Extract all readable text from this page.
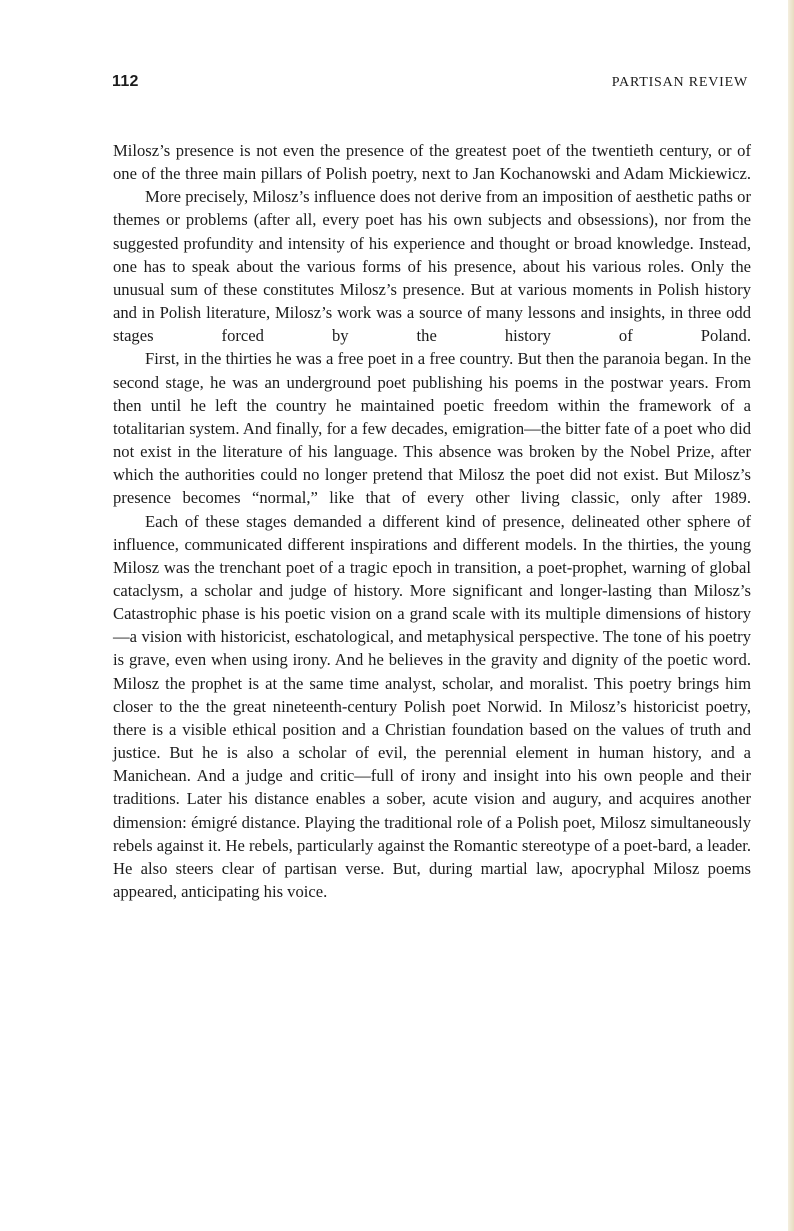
112	PARTISAN REVIEW

Milosz’s presence is not even the presence of the greatest poet of the twentieth century, or of one of the three main pillars of Polish poetry, next to Jan Kochanowski and Adam Mickiewicz.

More precisely, Milosz’s influence does not derive from an imposition of aesthetic paths or themes or problems (after all, every poet has his own subjects and obsessions), nor from the suggested profundity and intensity of his experience and thought or broad knowledge. Instead, one has to speak about the various forms of his presence, about his various roles. Only the unusual sum of these constitutes Milosz’s presence. But at various moments in Polish history and in Polish literature, Milosz’s work was a source of many lessons and insights, in three odd stages forced by the history of Poland.

First, in the thirties he was a free poet in a free country. But then the paranoia began. In the second stage, he was an underground poet publishing his poems in the postwar years. From then until he left the country he maintained poetic freedom within the framework of a totalitarian system. And finally, for a few decades, emigration—the bitter fate of a poet who did not exist in the literature of his language. This absence was broken by the Nobel Prize, after which the authorities could no longer pretend that Milosz the poet did not exist. But Milosz’s presence becomes “normal,” like that of every other living classic, only after 1989.

Each of these stages demanded a different kind of presence, delineated other sphere of influence, communicated different inspirations and different models. In the thirties, the young Milosz was the trenchant poet of a tragic epoch in transition, a poet-prophet, warning of global cataclysm, a scholar and judge of history. More significant and longer-lasting than Milosz’s Catastrophic phase is his poetic vision on a grand scale with its multiple dimensions of history—a vision with historicist, eschatological, and metaphysical perspective. The tone of his poetry is grave, even when using irony. And he believes in the gravity and dignity of the poetic word. Milosz the prophet is at the same time analyst, scholar, and moralist. This poetry brings him closer to the the great nineteenth-century Polish poet Norwid. In Milosz’s historicist poetry, there is a visible ethical position and a Christian foundation based on the values of truth and justice. But he is also a scholar of evil, the perennial element in human history, and a Manichean. And a judge and critic—full of irony and insight into his own people and their traditions. Later his distance enables a sober, acute vision and augury, and acquires another dimension: émigré distance. Playing the traditional role of a Polish poet, Milosz simultaneously rebels against it. He rebels, particularly against the Romantic stereotype of a poet-bard, a leader. He also steers clear of partisan verse. But, during martial law, apocryphal Milosz poems appeared, anticipating his voice.
